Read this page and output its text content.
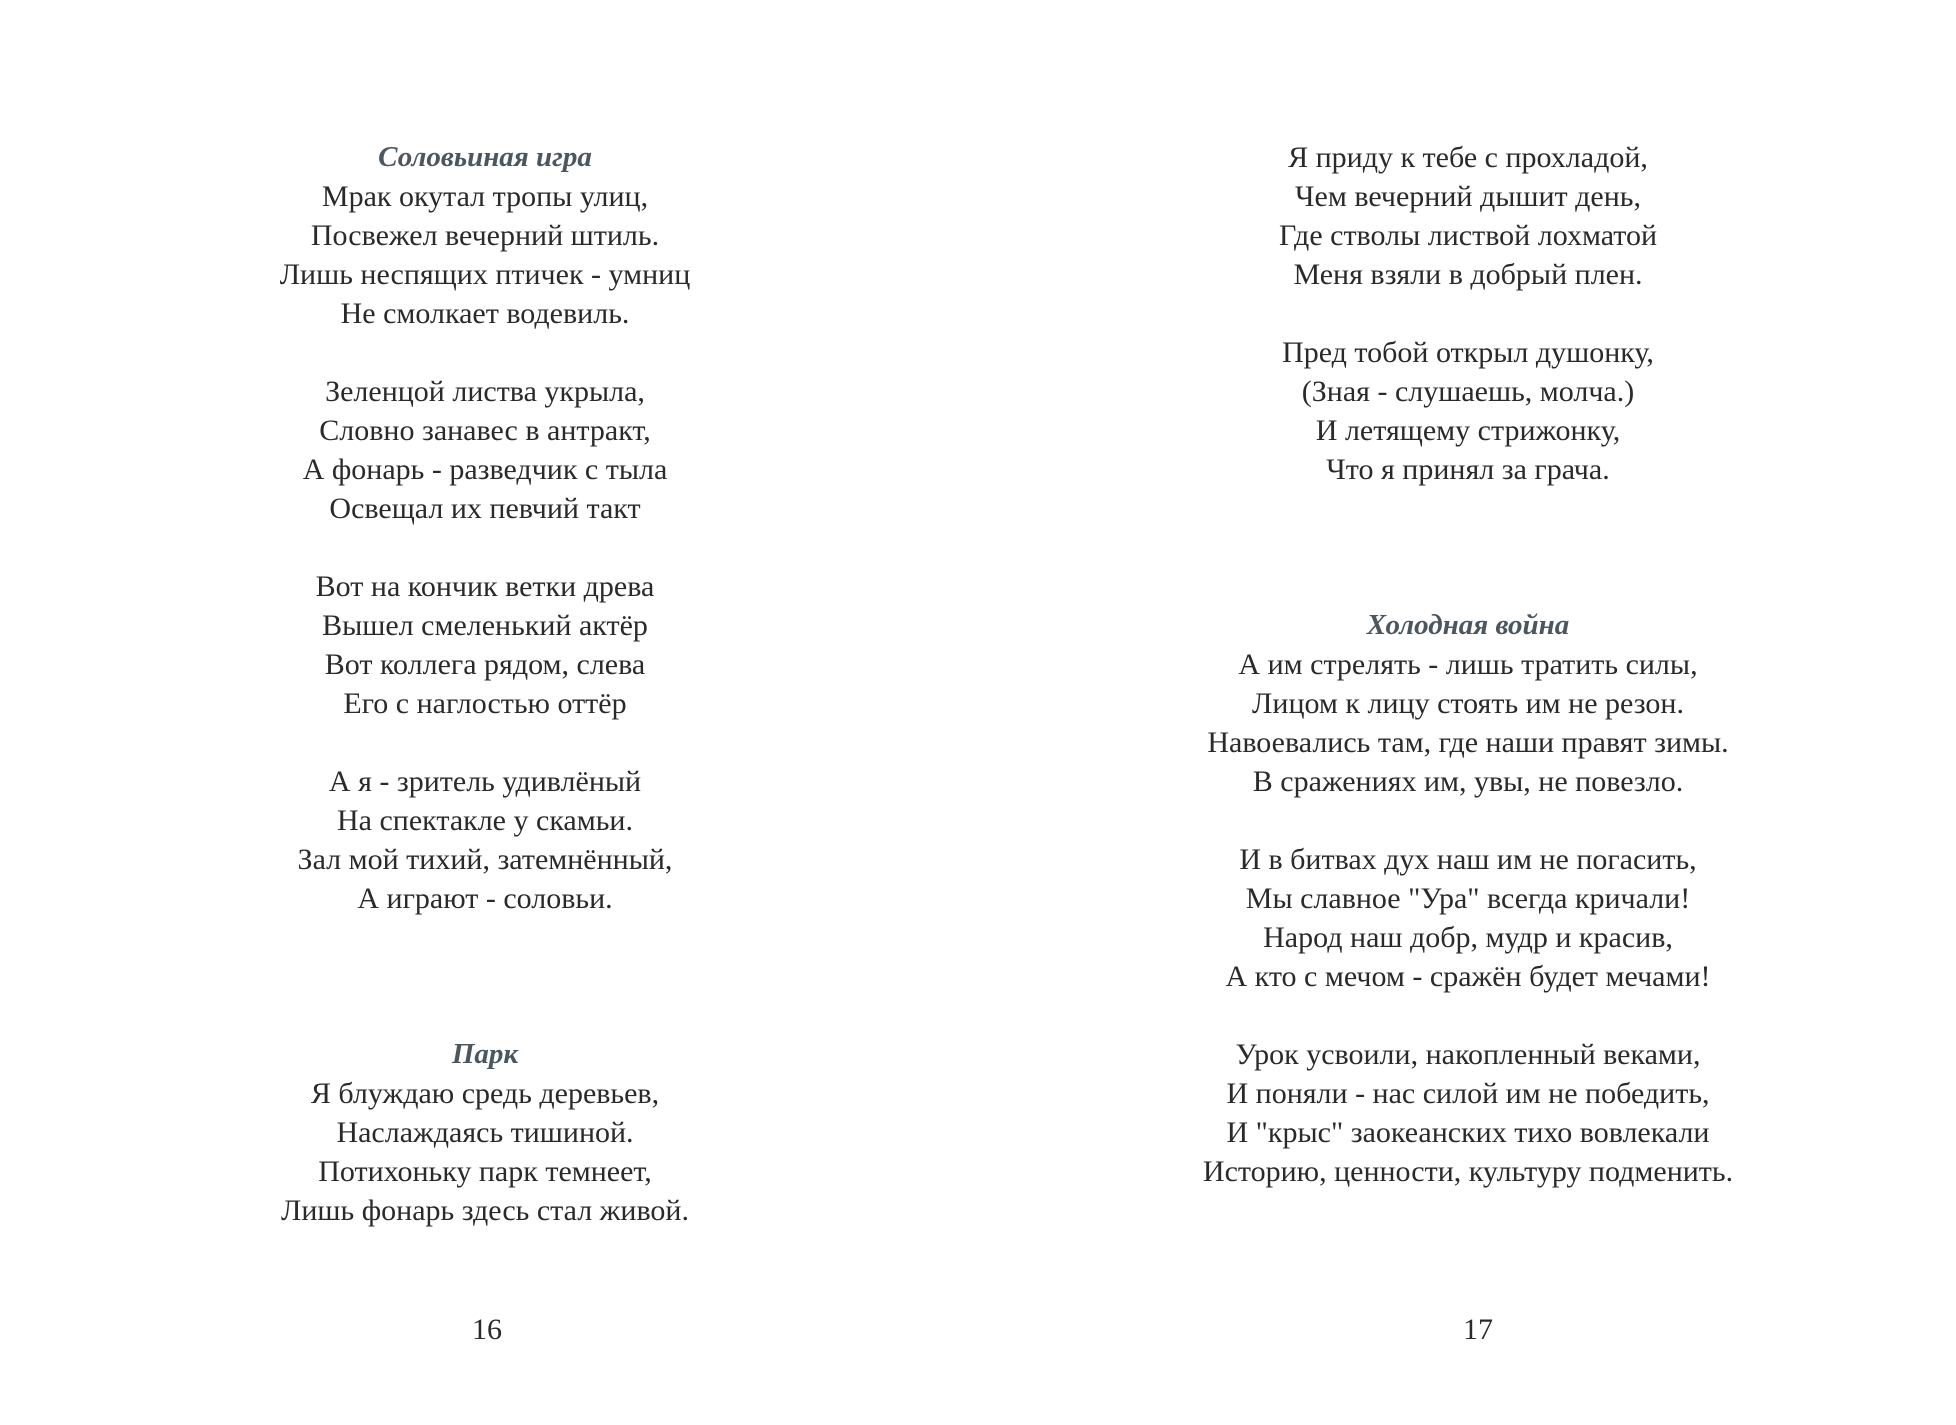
Соловьиная игра
Мрак окутал тропы улиц,
Посвежел вечерний штиль.
Лишь неспящих птичек - умниц
Не смолкает водевиль.
Зеленцой листва укрыла,
Словно занавес в антракт,
А фонарь - разведчик с тыла
Освещал их певчий такт
Вот на кончик ветки древа
Вышел смеленький актёр
Вот коллега рядом, слева
Его с наглостью оттёр
А я - зритель удивлёный
На спектакле у скамьи.
Зал мой тихий, затемнённый,
А играют - соловьи.
Парк
Я блуждаю средь деревьев,
Наслаждаясь тишиной.
Потихоньку парк темнеет,
Лишь фонарь здесь стал живой.
16
Я приду к тебе с прохладой,
Чем вечерний дышит день,
Где стволы листвой лохматой
Меня взяли в добрый плен.
Пред тобой открыл душонку,
(Зная - слушаешь, молча.)
И летящему стрижонку,
Что я принял за грача.
Холодная война
А им стрелять - лишь тратить силы,
Лицом к лицу стоять им не резон.
Навоевались там, где наши правят зимы.
В сражениях им, увы, не повезло.
И в битвах дух наш им не погасить,
Мы славное "Ура" всегда кричали!
Народ наш добр, мудр и красив,
А кто с мечом - сражён будет мечами!
Урок усвоили, накопленный веками,
И поняли - нас силой им не победить,
И "крыс" заокеанских тихо вовлекали
Историю, ценности, культуру подменить.
17
